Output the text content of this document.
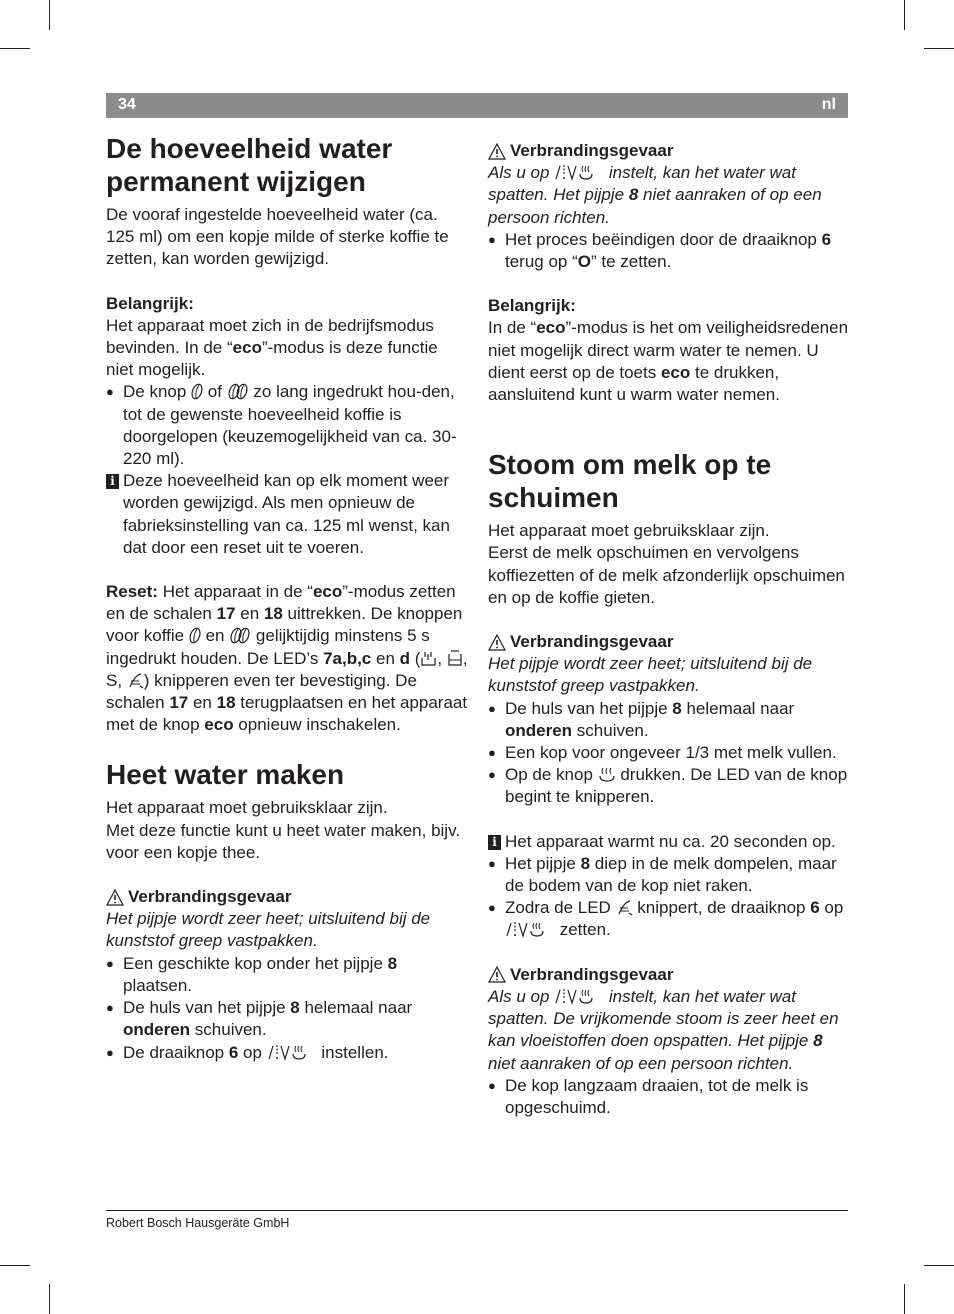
34	nl
De hoeveelheid water permanent wijzigen

De vooraf ingestelde hoeveelheid water (ca. 125 ml) om een kopje milde of sterke koffie te zetten, kan worden gewijzigd.

Belangrijk:

Het apparaat moet zich in de bedrijfsmodus bevinden. In de “eco”-modus is deze functie niet mogelijk.

● De knop  of  zo lang ingedrukt hou-den, tot de gewenste hoeveelheid koffie is doorgelopen (keuzemogelijkheid van ca. 30-220 ml).
i Deze hoeveelheid kan op elk moment weer worden gewijzigd. Als men opnieuw de fabrieksinstelling van ca. 125 ml wenst, kan dat door een reset uit te voeren.

Reset: Het apparaat in de “eco”-modus zetten en de schalen 17 en 18 uittrekken. De knoppen voor koffie  en  gelijktijdig minstens 5 s ingedrukt houden. De LED’s 7a,b,c en d ( , , S, ) knipperen even ter bevestiging. De schalen 17 en 18 terugplaatsen en het apparaat met de knop eco opnieuw inschakelen.

Heet water maken

Het apparaat moet gebruiksklaar zijn.

Met deze functie kunt u heet water maken, bijv. voor een kopje thee.

Verbrandingsgevaar

Het pijpje wordt zeer heet; uitsluitend bij de kunststof greep vastpakken.

● Een geschikte kop onder het pijpje 8 plaatsen.
● De huls van het pijpje 8 helemaal naar onderen schuiven.
● De draaiknop 6 op	instellen.
Verbrandingsgevaar

Als u op	instelt, kan het water wat spatten. Het pijpje 8 niet aanraken of op een persoon richten.

● Het proces beëindigen door de draaiknop 6 terug op “O” te zetten.

Belangrijk:

In de “eco”-modus is het om veiligheidsredenen niet mogelijk direct warm water te nemen. U dient eerst op de toets eco te drukken, aansluitend kunt u warm water nemen.

Stoom om melk op te schuimen

Het apparaat moet gebruiksklaar zijn.

Eerst de melk opschuimen en vervolgens koffiezetten of de melk afzonderlijk opschuimen en op de koffie gieten.

Verbrandingsgevaar

Het pijpje wordt zeer heet; uitsluitend bij de kunststof greep vastpakken.

● De huls van het pijpje 8 helemaal naar onderen schuiven.
● Een kop voor ongeveer 1/3 met melk vullen.
● Op de knop  drukken. De LED van de knop begint te knipperen.
i Het apparaat warmt nu ca. 20 seconden op.
● Het pijpje 8 diep in de melk dompelen, maar de bodem van de kop niet raken.
● Zodra de LED  knippert, de draaiknop 6 op  zetten.
Verbrandingsgevaar

Als u op	instelt, kan het water wat spatten. De vrijkomende stoom is zeer heet en kan vloeistoffen doen opspatten. Het pijpje 8 niet aanraken of op een persoon richten.

● De kop langzaam draaien, tot de melk is opgeschuimd.
Robert Bosch Hausgeräte GmbH
